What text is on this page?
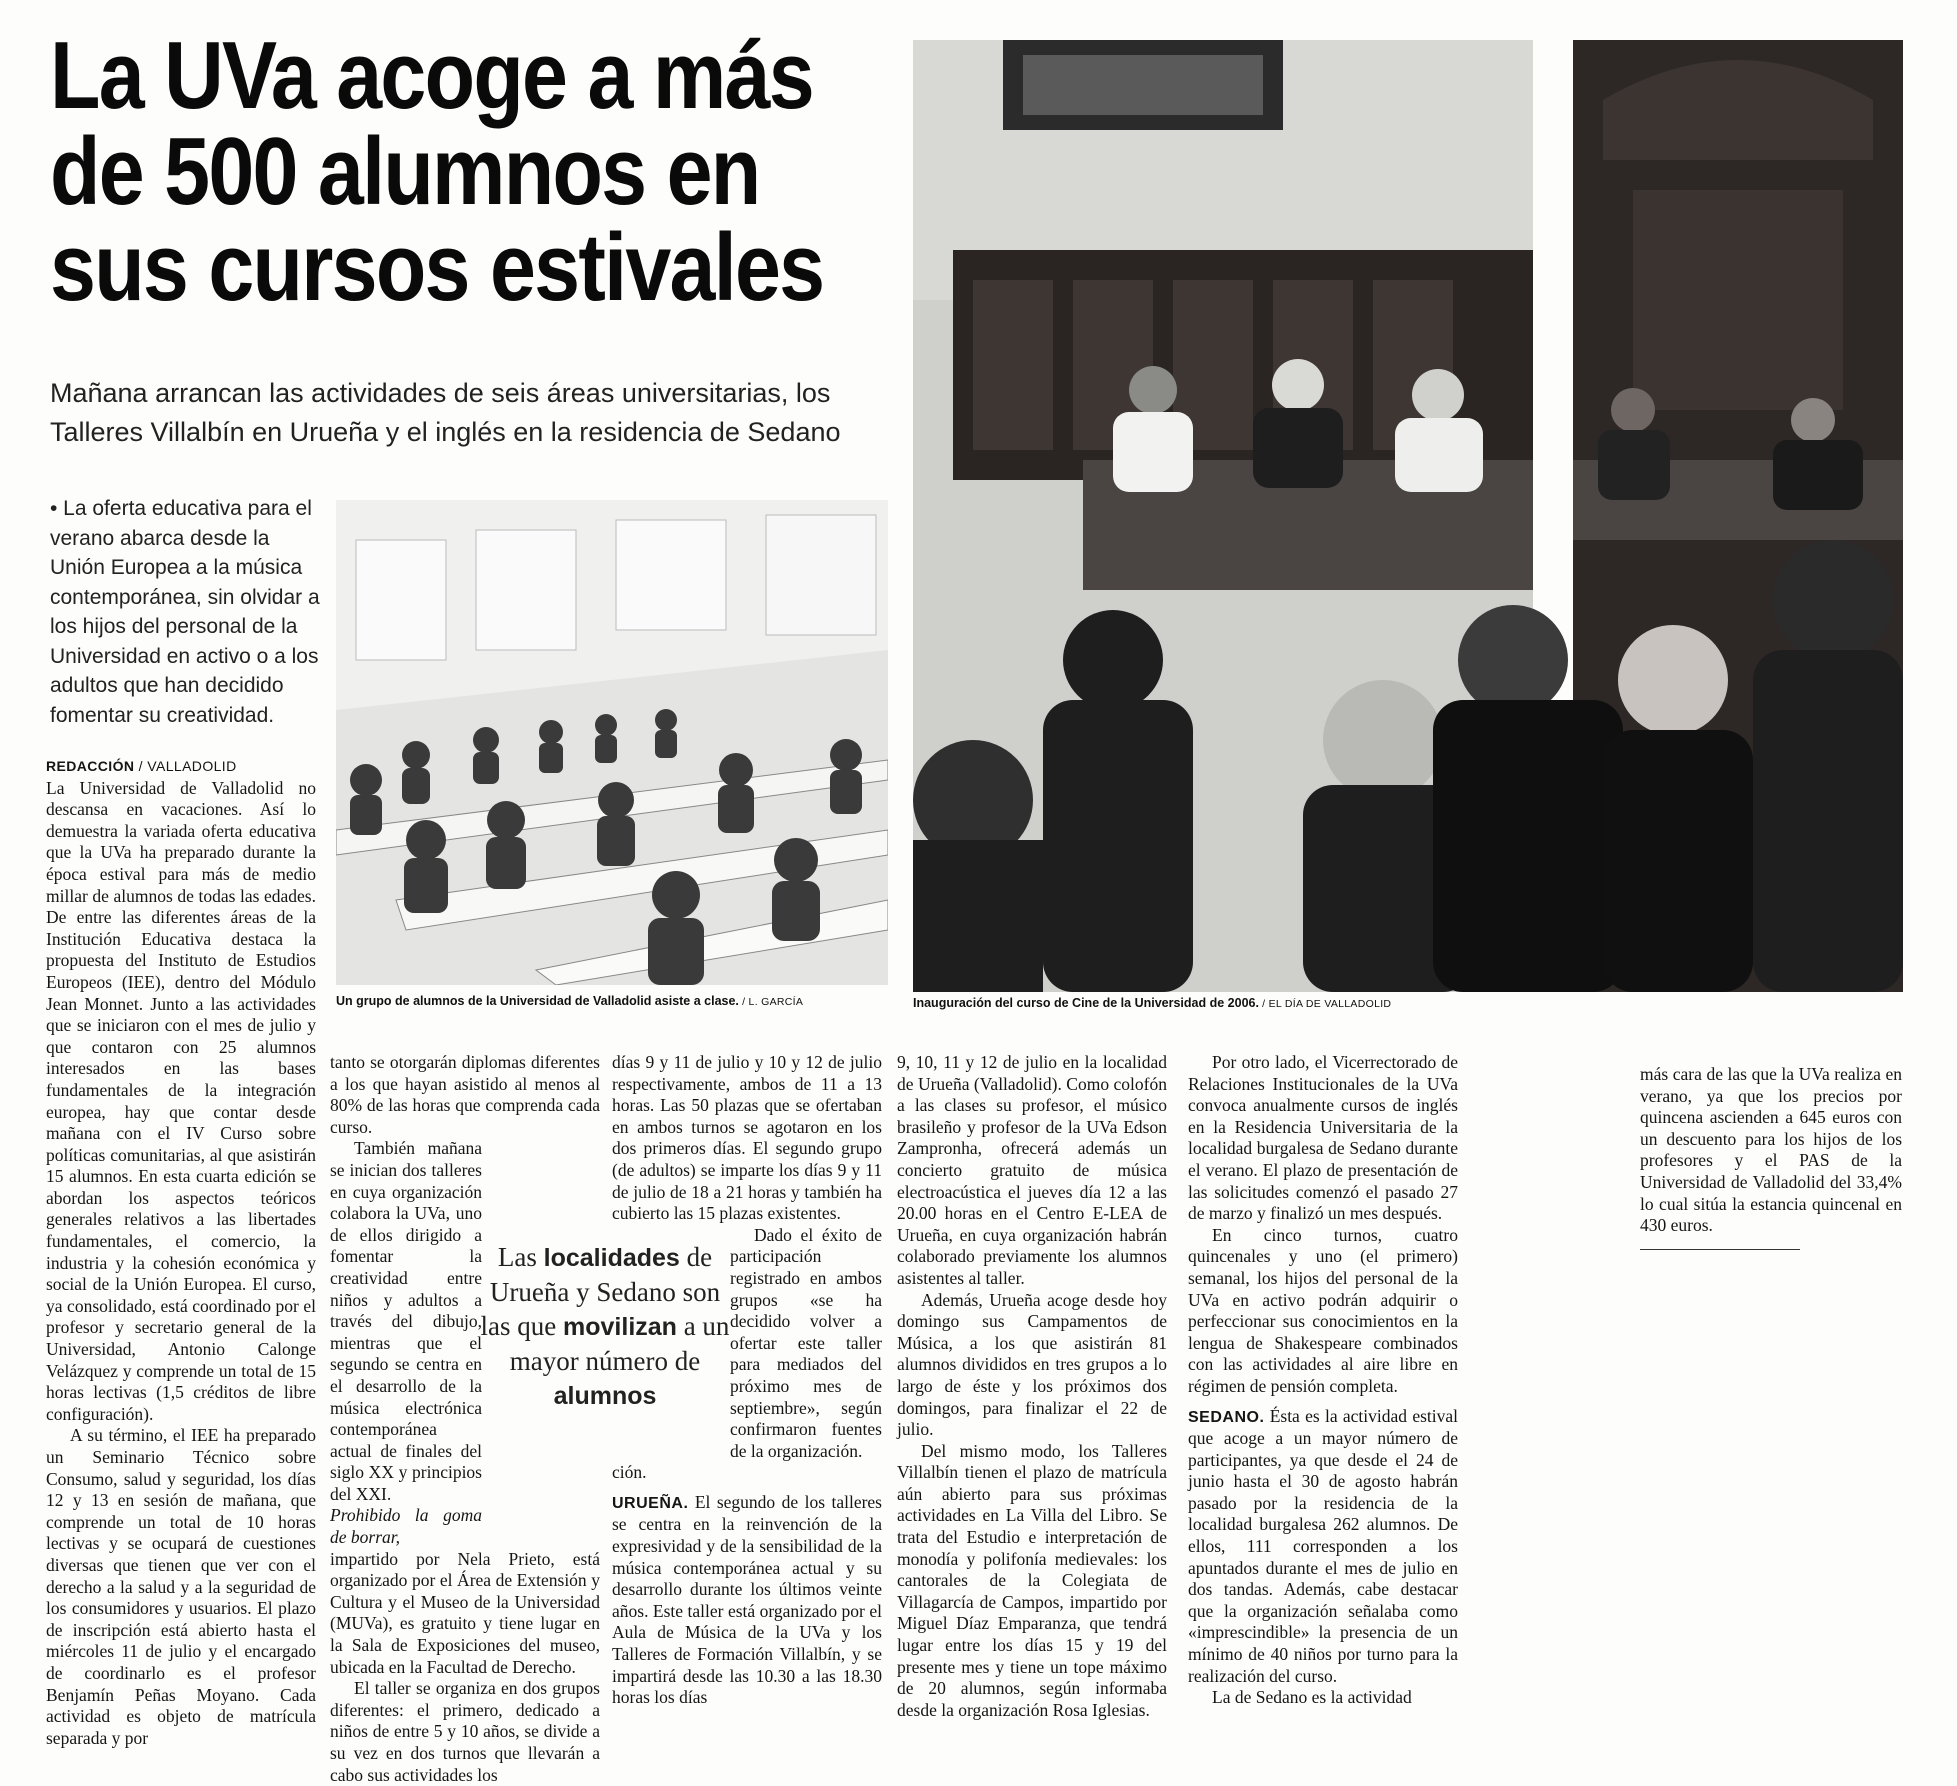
La UVa acoge a más
de 500 alumnos en
sus cursos estivales
Mañana arrancan las actividades de seis áreas universitarias, los
Talleres Villalbín en Urueña y el inglés en la residencia de Sedano
• La oferta educativa para el verano abarca desde la Unión Europea a la música contemporánea, sin olvidar a los hijos del personal de la Universidad en activo o a los adultos que han decidido fomentar su creatividad.
Un grupo de alumnos de la Universidad de Valladolid asiste a clase. / L. GARCÍA	Inauguración del curso de Cine de la Universidad de 2006. / EL DÍA DE VALLADOLID
REDACCIÓN / VALLADOLID

La Universidad de Valladolid no descansa en vacaciones. Así lo demuestra la variada oferta educativa que la UVa ha preparado durante la época estival para más de medio millar de alumnos de todas las edades. De entre las diferentes áreas de la Institución Educativa destaca la propuesta del Instituto de Estudios Europeos (IEE), dentro del Módulo Jean Monnet. Junto a las actividades que se iniciaron con el mes de julio y que contaron con 25 alumnos interesados en las bases fundamentales de la integración europea, hay que contar desde mañana con el IV Curso sobre políticas comunitarias, al que asistirán 15 alumnos. En esta cuarta edición se abordan los aspectos teóricos generales relativos a las libertades fundamentales, el comercio, la industria y la cohesión económica y social de la Unión Europea. El curso, ya consolidado, está coordinado por el profesor y secretario general de la Universidad, Antonio Calonge Velázquez y comprende un total de 15 horas lectivas (1,5 créditos de libre configuración).

A su término, el IEE ha preparado un Seminario Técnico sobre Consumo, salud y seguridad, los días 12 y 13 en sesión de mañana, que comprende un total de 10 horas lectivas y se ocupará de cuestiones diversas que tienen que ver con el derecho a la salud y a la seguridad de los consumidores y usuarios. El plazo de inscripción está abierto hasta el miércoles 11 de julio y el encargado de coordinarlo es el profesor Benjamín Peñas Moyano. Cada actividad es objeto de matrícula separada y por

tanto se otorgarán diplomas diferentes a los que hayan asistido al menos al 80% de las horas que comprenda cada curso.

También mañana se inician dos talleres en cuya organización colabora la UVa, uno de ellos dirigido a fomentar la creatividad entre niños y adultos a través del dibujo, mientras que el segundo se centra en el desarrollo de la música electrónica contemporánea actual de finales del siglo XX y principios del XXI.

Prohibido la goma de borrar,

impartido por Nela Prieto, está organizado por el Área de Extensión y Cultura y el Museo de la Universidad (MUVa), es gratuito y tiene lugar en la Sala de Exposiciones del museo, ubicada en la Facultad de Derecho.

El taller se organiza en dos grupos diferentes: el primero, dedicado a niños de entre 5 y 10 años, se divide a su vez en dos turnos que llevarán a cabo sus actividades los

Las localidades de Urueña y Sedano son las que movilizan a un mayor número de alumnos

días 9 y 11 de julio y 10 y 12 de julio respectivamente, ambos de 11 a 13 horas. Las 50 plazas que se ofertaban en ambos turnos se agotaron en los dos primeros días. El segundo grupo (de adultos) se imparte los días 9 y 11 de julio de 18 a 21 horas y también ha cubierto las 15 plazas existentes.

Dado el éxito de participación registrado en ambos grupos «se ha decidido volver a ofertar este taller para mediados del próximo mes de septiembre», según confirmaron fuentes de la organización.

ción.

URUEÑA. El segundo de los talleres se centra en la reinvención de la expresividad y de la sensibilidad de la música contemporánea actual y su desarrollo durante los últimos veinte años. Este taller está organizado por el Aula de Música de la UVa y los Talleres de Formación Villalbín, y se impartirá desde las 10.30 a las 18.30 horas los días

9, 10, 11 y 12 de julio en la localidad de Urueña (Valladolid). Como colofón a las clases su profesor, el músico brasileño y profesor de la UVa Edson Zampronha, ofrecerá además un concierto gratuito de música electroacústica el jueves día 12 a las 20.00 horas en el Centro E-LEA de Urueña, en cuya organización habrán colaborado previamente los alumnos asistentes al taller.

Además, Urueña acoge desde hoy domingo sus Campamentos de Música, a los que asistirán 81 alumnos divididos en tres grupos a lo largo de éste y los próximos dos domingos, para finalizar el 22 de julio.

Del mismo modo, los Talleres Villalbín tienen el plazo de matrícula aún abierto para sus próximas actividades en La Villa del Libro. Se trata del Estudio e interpretación de monodía y polifonía medievales: los cantorales de la Colegiata de Villagarcía de Campos, impartido por Miguel Díaz Emparanza, que tendrá lugar entre los días 15 y 19 del presente mes y tiene un tope máximo de 20 alumnos, según informaba desde la organización Rosa Iglesias.

Por otro lado, el Vicerrectorado de Relaciones Institucionales de la UVa convoca anualmente cursos de inglés en la Residencia Universitaria de la localidad burgalesa de Sedano durante el verano. El plazo de presentación de las solicitudes comenzó el pasado 27 de marzo y finalizó un mes después.

En cinco turnos, cuatro quincenales y uno (el primero) semanal, los hijos del personal de la UVa en activo podrán adquirir o perfeccionar sus conocimientos en la lengua de Shakespeare combinados con las actividades al aire libre en régimen de pensión completa.

SEDANO. Ésta es la actividad estival que acoge a un mayor número de participantes, ya que desde el 24 de junio hasta el 30 de agosto habrán pasado por la residencia de la localidad burgalesa 262 alumnos. De ellos, 111 corresponden a los apuntados durante el mes de julio en dos tandas. Además, cabe destacar que la organización señalaba como «imprescindible» la presencia de un mínimo de 40 niños por turno para la realización del curso.

La de Sedano es la actividad

más cara de las que la UVa realiza en verano, ya que los precios por quincena ascienden a 645 euros con un descuento para los hijos de los profesores y el PAS de la Universidad de Valladolid del 33,4% lo cual sitúa la estancia quincenal en 430 euros.
